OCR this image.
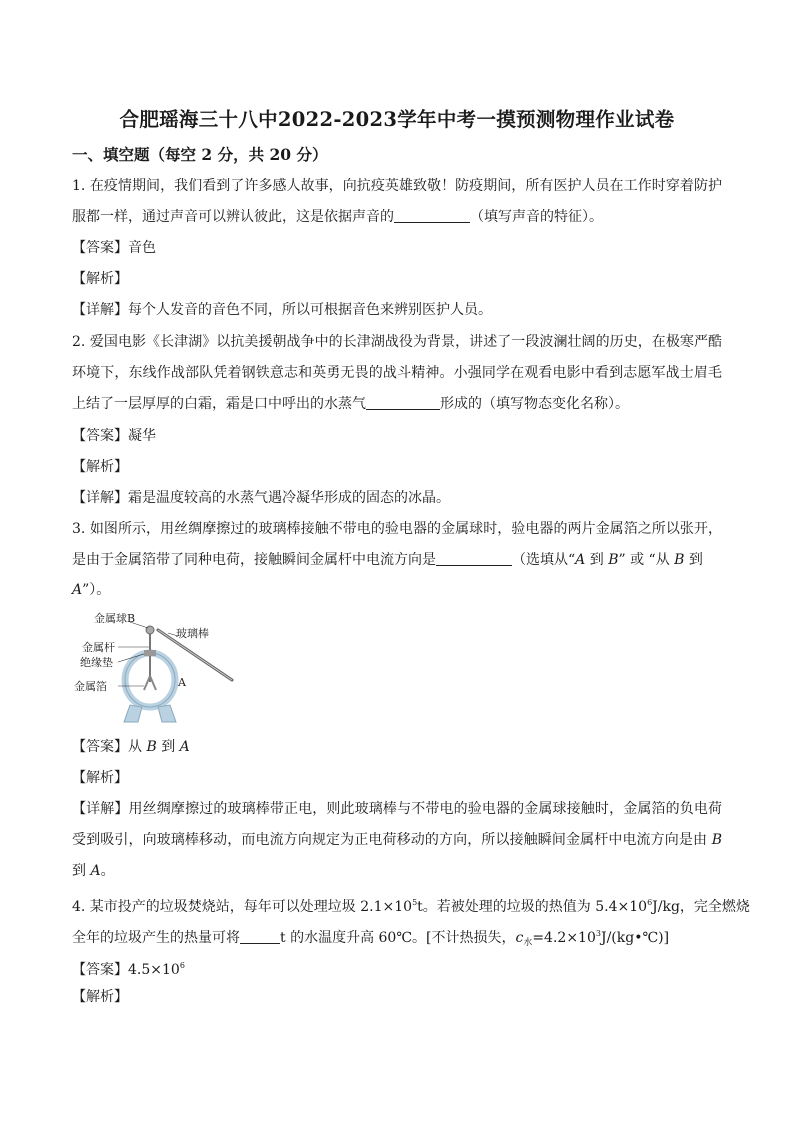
合肥瑶海三十八中2022-2023学年中考一摸预测物理作业试卷
一、填空题（每空 2 分，共 20 分）
1. 在疫情期间，我们看到了许多感人故事，向抗疫英雄致敬！防疫期间，所有医护人员在工作时穿着防护
服都一样，通过声音可以辨认彼此，这是依据声音的	（填写声音的特征）。
【答案】音色
【解析】
【详解】每个人发音的音色不同，所以可根据音色来辨别医护人员。
2. 爱国电影《长津湖》以抗美援朝战争中的长津湖战役为背景，讲述了一段波澜壮阔的历史，在极寒严酷
环境下，东线作战部队凭着钢铁意志和英勇无畏的战斗精神。小强同学在观看电影中看到志愿军战士眉毛
上结了一层厚厚的白霜，霜是口中呼出的水蒸气	形成的（填写物态变化名称）。
【答案】凝华
【解析】
【详解】霜是温度较高的水蒸气遇冷凝华形成的固态的冰晶。
3. 如图所示，用丝绸摩擦过的玻璃棒接触不带电的验电器的金属球时，验电器的两片金属箔之所以张开，
是由于金属箔带了同种电荷，接触瞬间金属杆中电流方向是	（选填从“A 到 B” 或 “从 B 到
A”）。
金属球B
玻璃棒
金属杆
绝缘垫
金属箔	A
【答案】从 B 到 A
【解析】
【详解】用丝绸摩擦过的玻璃棒带正电，则此玻璃棒与不带电的验电器的金属球接触时，金属箔的负电荷
受到吸引，向玻璃棒移动，而电流方向规定为正电荷移动的方向，所以接触瞬间金属杆中电流方向是由 B
到 A。
4. 某市投产的垃圾焚烧站，每年可以处理垃圾 $2.1\times 10^5t$。若被处理的垃圾的热值为 $5.4\times 10^6J/kg$，完全燃烧
全年的垃圾产生的热量可将	t 的水温度升高 60℃。[不计热损失，$c_水=4.2\times 10^3J/(kg•℃)$]
【答案】$4.5\times 10^6$
【解析】
